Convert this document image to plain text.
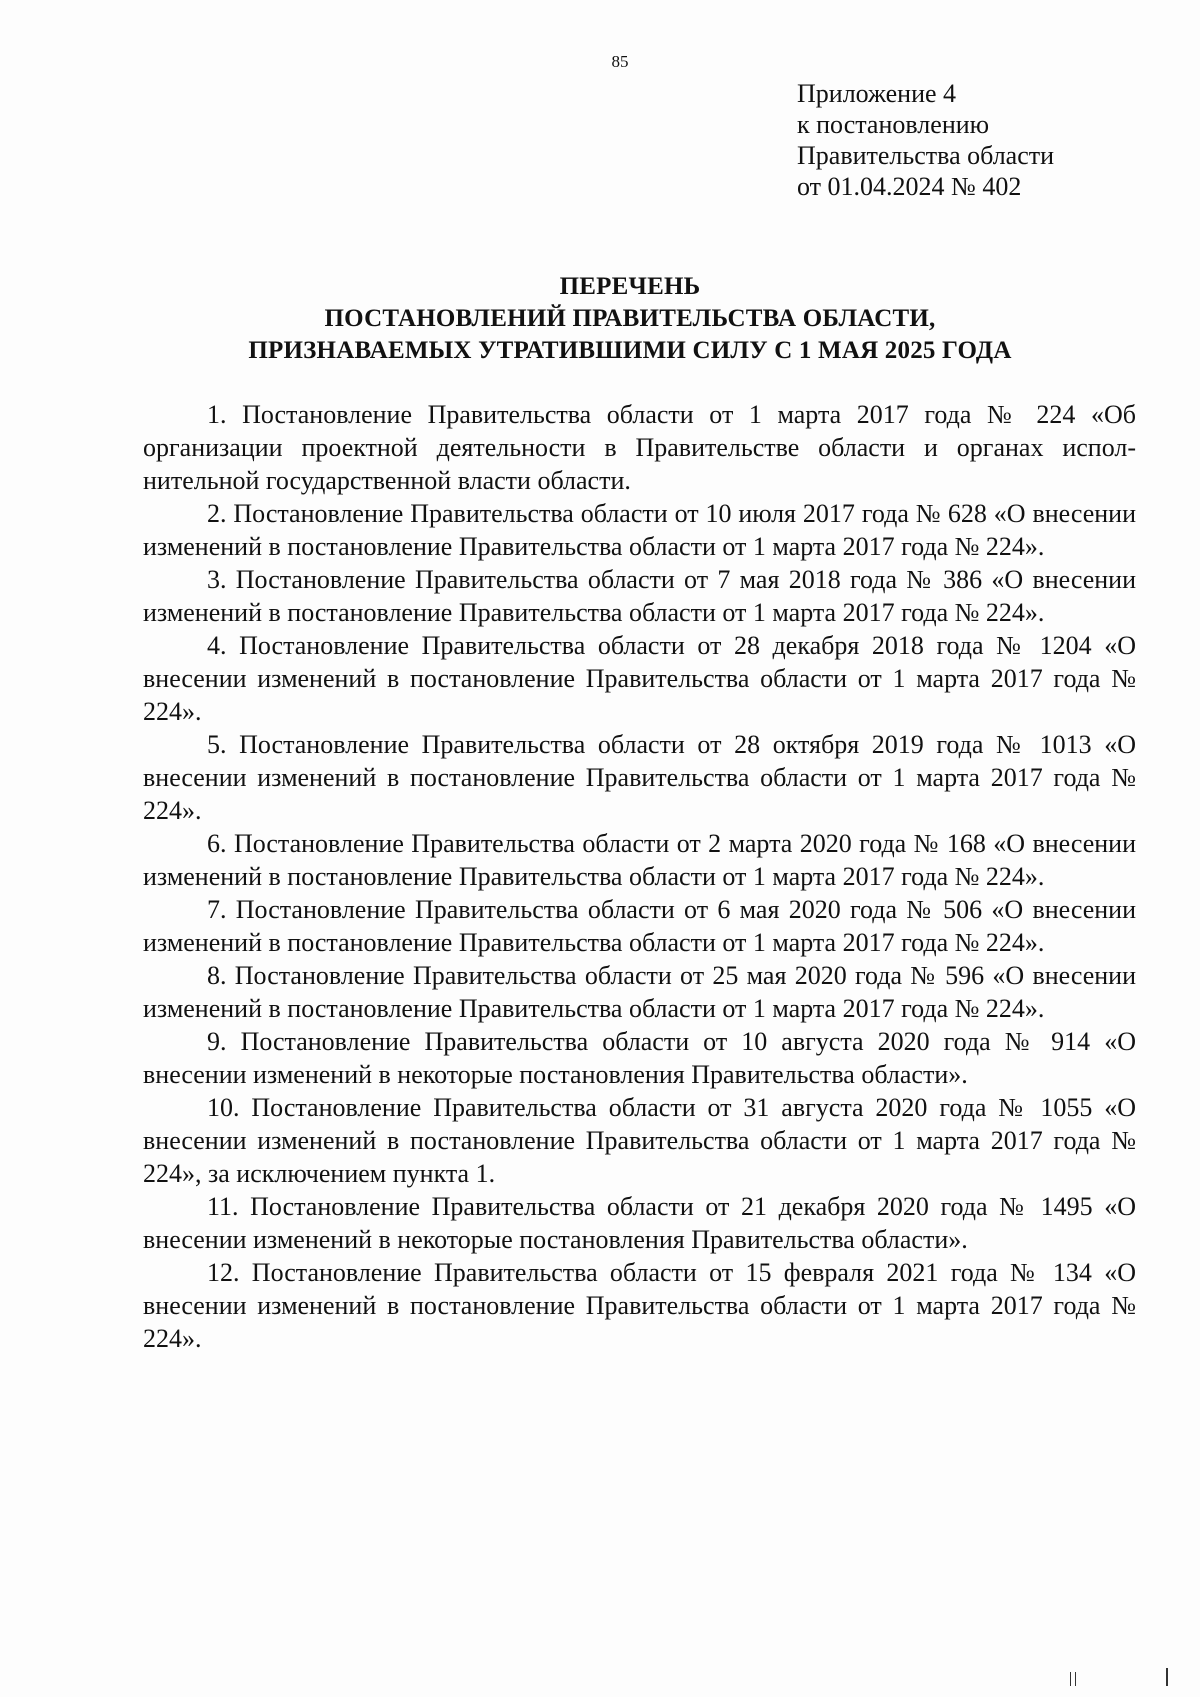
85
Приложение 4
к постановлению
Правительства области
от 01.04.2024 № 402
ПЕРЕЧЕНЬ
ПОСТАНОВЛЕНИЙ ПРАВИТЕЛЬСТВА ОБЛАСТИ,
ПРИЗНАВАЕМЫХ УТРАТИВШИМИ СИЛУ С 1 МАЯ 2025 ГОДА

1. Постановление Правительства области от 1 марта 2017 года № 224 «Об организации проектной деятельности в Правительстве области и органах исполнительной государственной власти области.

2. Постановление Правительства области от 10 июля 2017 года № 628 «О внесении изменений в постановление Правительства области от 1 марта 2017 года № 224».

3. Постановление Правительства области от 7 мая 2018 года № 386 «О внесении изменений в постановление Правительства области от 1 марта 2017 года № 224».

4. Постановление Правительства области от 28 декабря 2018 года № 1204 «О внесении изменений в постановление Правительства области от 1 марта 2017 года № 224».

5. Постановление Правительства области от 28 октября 2019 года № 1013 «О внесении изменений в постановление Правительства области от 1 марта 2017 года № 224».

6. Постановление Правительства области от 2 марта 2020 года № 168 «О внесении изменений в постановление Правительства области от 1 марта 2017 года № 224».

7. Постановление Правительства области от 6 мая 2020 года № 506 «О внесении изменений в постановление Правительства области от 1 марта 2017 года № 224».

8. Постановление Правительства области от 25 мая 2020 года № 596 «О внесении изменений в постановление Правительства области от 1 марта 2017 года № 224».

9. Постановление Правительства области от 10 августа 2020 года № 914 «О внесении изменений в некоторые постановления Правительства области».

10. Постановление Правительства области от 31 августа 2020 года № 1055 «О внесении изменений в постановление Правительства области от 1 марта 2017 года № 224», за исключением пункта 1.

11. Постановление Правительства области от 21 декабря 2020 года № 1495 «О внесении изменений в некоторые постановления Правительства области».

12. Постановление Правительства области от 15 февраля 2021 года № 134 «О внесении изменений в постановление Правительства области от 1 марта 2017 года № 224».
